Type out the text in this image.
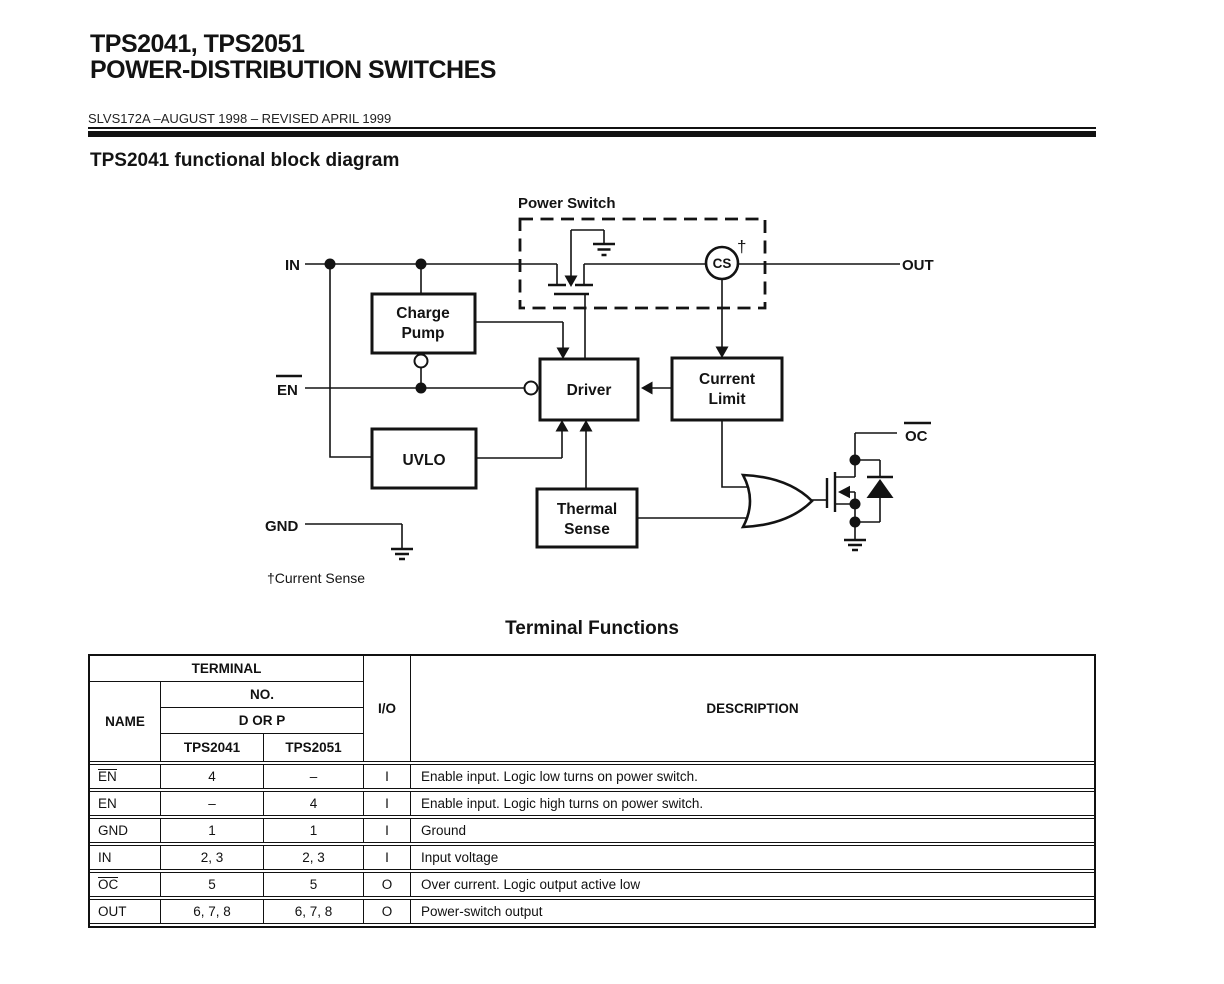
TPS2041, TPS2051
POWER-DISTRIBUTION SWITCHES
SLVS172A –AUGUST 1998 – REVISED APRIL 1999
TPS2041 functional block diagram
Charge
Pump
UVLO
Driver
Current
Limit
Thermal
Sense
CS
†
Power Switch
IN	OUT
EN
GND
OC
†Current Sense
Terminal Functions
TERMINAL
NAME
NO.
D OR P
TPS2041	TPS2051
I/O	DESCRIPTION
EN	4	–	I	Enable input. Logic low turns on power switch.
EN	–	4	I	Enable input. Logic high turns on power switch.
GND	1	1	I	Ground
IN	2, 3	2, 3	I	Input voltage
OC	5	5	O	Over current. Logic output active low
OUT	6, 7, 8	6, 7, 8	O	Power-switch output
